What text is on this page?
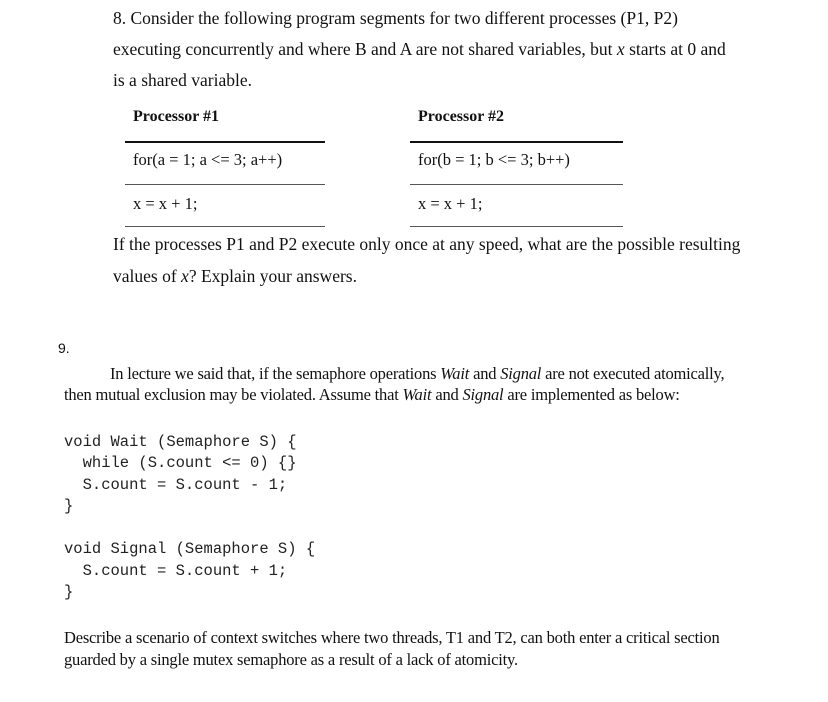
8. Consider the following program segments for two different processes (P1, P2)
executing concurrently and where B and A are not shared variables, but x starts at 0 and
is a shared variable.
Processor #1	Processor #2
for(a = 1; a <= 3; a++)	for(b = 1; b <= 3; b++)
x = x + 1;	x = x + 1;
If the processes P1 and P2 execute only once at any speed, what are the possible resulting
values of x? Explain your answers.
9.
In lecture we said that, if the semaphore operations Wait and Signal are not executed atomically,
then mutual exclusion may be violated. Assume that Wait and Signal are implemented as below:
void Wait (Semaphore S) {
while (S.count <= 0) {}
S.count = S.count - 1;
}
void Signal (Semaphore S) {
S.count = S.count + 1;
}
Describe a scenario of context switches where two threads, T1 and T2, can both enter a critical section
guarded by a single mutex semaphore as a result of a lack of atomicity.
